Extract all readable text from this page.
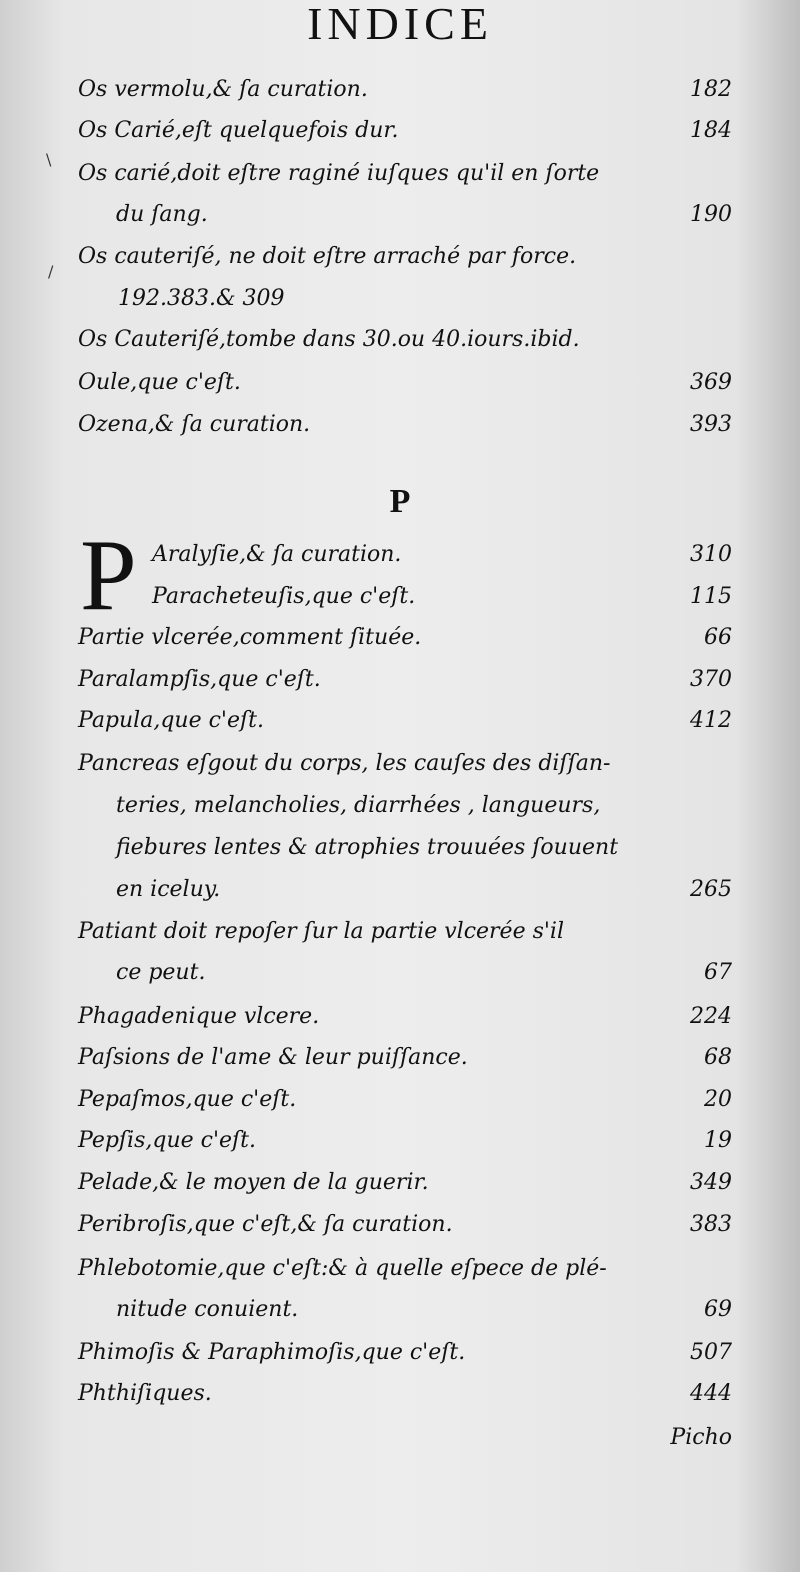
INDICE
Os vermolu,& ſa curation.	182
Os Carié,eſt quelquefois dur.	184
Os carié,doit eſtre raginé iuſques qu'il en ſorte
du ſang.	190
Os cauteriſé, ne doit eſtre arraché par force.
192.383.& 309
Os Cauteriſé,tombe dans 30.ou 40.iours.ibid.
Oule,que c'eſt.	369
Ozena,& ſa curation.	393
P
P Aralyſie,& ſa curation.	310
Paracheteuſis,que c'eſt.	115
Partie vlcerée,comment ſituée.	66
Paralampſis,que c'eſt.	370
Papula,que c'eſt.	412
Pancreas eſgout du corps, les cauſes des diſſan-
teries, melancholies, diarrhées , langueurs,
fiebures lentes & atrophies trouuées ſouuent
en iceluy.	265
Patiant doit repoſer ſur la partie vlcerée s'il
ce peut.	67
Phagadenique vlcere.	224
Paſsions de l'ame & leur puiſſance.	68
Pepaſmos,que c'eſt.	20
Pepſis,que c'eſt.	19
Pelade,& le moyen de la guerir.	349
Peribroſis,que c'eſt,& ſa curation.	383
Phlebotomie,que c'eſt:& à quelle eſpece de plé-
nitude conuient.	69
Phimoſis & Paraphimoſis,que c'eſt.	507
Phthiſiques.	444
Picho
\
/
